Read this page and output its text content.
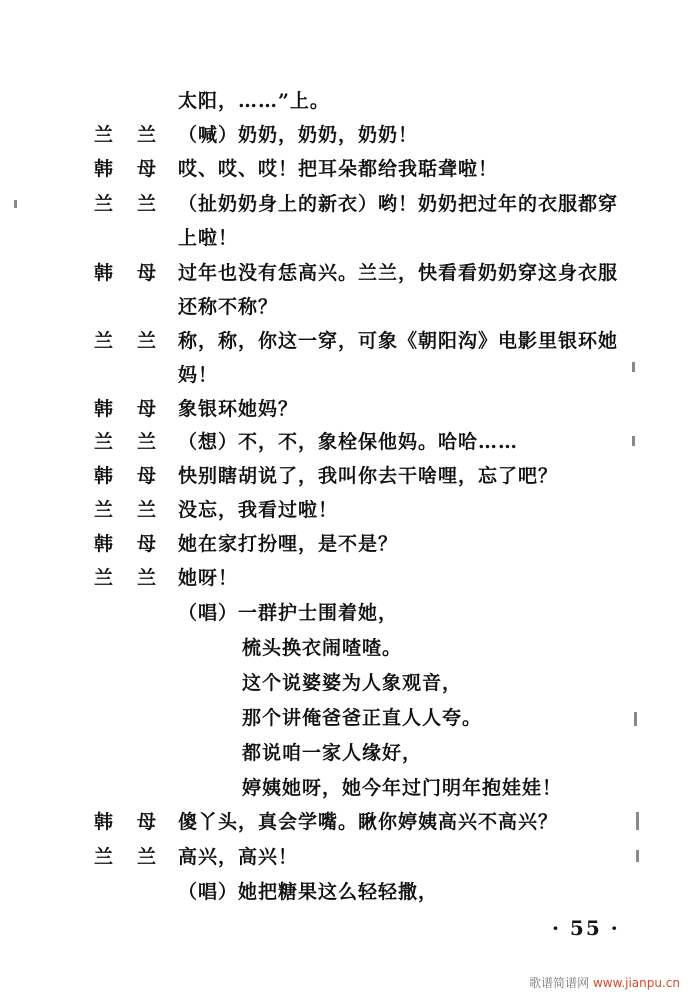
太阳，……”上。
兰兰
（喊）奶奶，奶奶，奶奶！
韩母
哎、哎、哎！把耳朵都给我聒聋啦！
兰兰
（扯奶奶身上的新衣）哟！奶奶把过年的衣服都穿
上啦！
韩母
过年也没有恁高兴。兰兰，快看看奶奶穿这身衣服
还称不称？
兰兰
称，称，你这一穿，可象《朝阳沟》电影里银环她
妈！
韩母
象银环她妈？
兰兰
（想）不，不，象栓保他妈。哈哈……
韩母
快别瞎胡说了，我叫你去干啥哩，忘了吧？
兰兰
没忘，我看过啦！
韩母
她在家打扮哩，是不是？
兰兰
她呀！
（唱）一群护士围着她，
梳头换衣闹喳喳。
这个说婆婆为人象观音，
那个讲俺爸爸正直人人夸。
都说咱一家人缘好，
婷姨她呀，她今年过门明年抱娃娃！
韩母
傻丫头，真会学嘴。瞅你婷姨高兴不高兴？
兰兰
高兴，高兴！
（唱）她把糖果这么轻轻撒，
· 55 ·
歌谱简谱网 www.jianpu.cn
